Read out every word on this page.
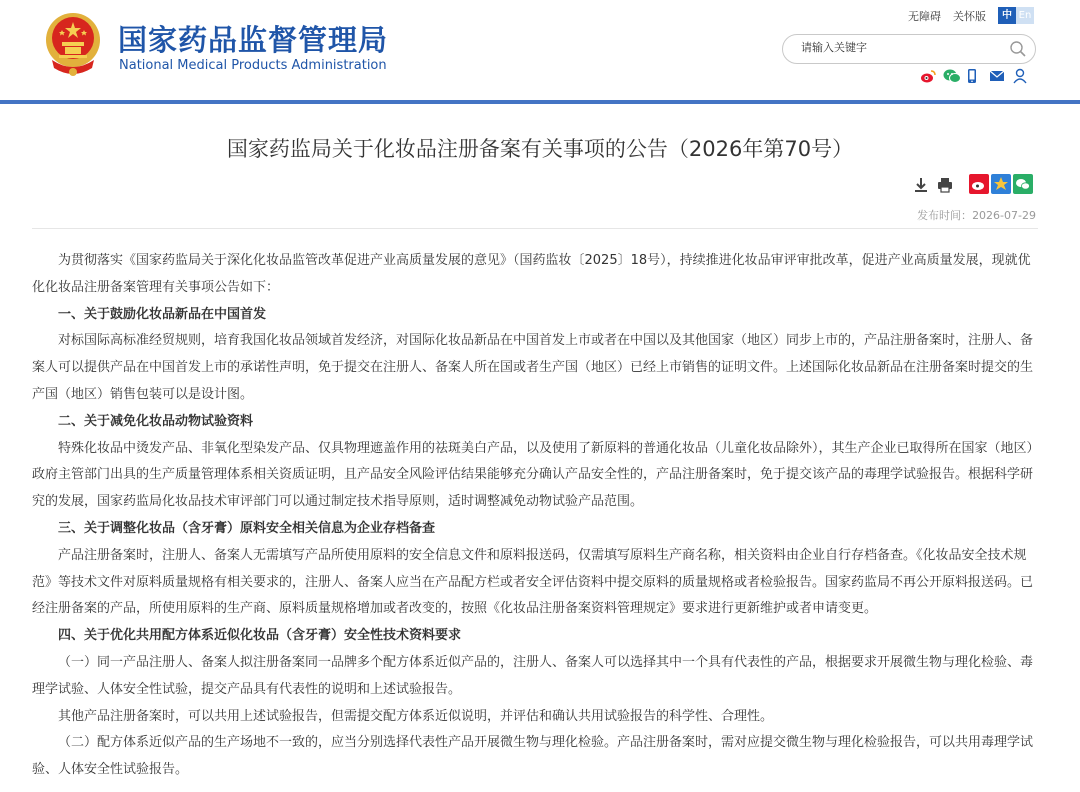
国家药品监督管理局
National Medical Products Administration
无障碍 关怀版	中 En
请输入关键字
国家药监局关于化妆品注册备案有关事项的公告（2026年第70号）
发布时间：2026-07-29

为贯彻落实《国家药监局关于深化化妆品监管改革促进产业高质量发展的意见》（国药监妆〔2025〕18号），持续推进化妆品审评审批改革，促进产业高质量发展，现就优化化妆品注册备案管理有关事项公告如下：

一、关于鼓励化妆品新品在中国首发

对标国际高标准经贸规则，培育我国化妆品领域首发经济，对国际化妆品新品在中国首发上市或者在中国以及其他国家（地区）同步上市的，产品注册备案时，注册人、备案人可以提供产品在中国首发上市的承诺性声明，免于提交在注册人、备案人所在国或者生产国（地区）已经上市销售的证明文件。上述国际化妆品新品在注册备案时提交的生产国（地区）销售包装可以是设计图。

二、关于减免化妆品动物试验资料

特殊化妆品中烫发产品、非氧化型染发产品、仅具物理遮盖作用的祛斑美白产品，以及使用了新原料的普通化妆品（儿童化妆品除外），其生产企业已取得所在国家（地区）政府主管部门出具的生产质量管理体系相关资质证明，且产品安全风险评估结果能够充分确认产品安全性的，产品注册备案时，免于提交该产品的毒理学试验报告。根据科学研究的发展，国家药监局化妆品技术审评部门可以通过制定技术指导原则，适时调整减免动物试验产品范围。

三、关于调整化妆品（含牙膏）原料安全相关信息为企业存档备查

产品注册备案时，注册人、备案人无需填写产品所使用原料的安全信息文件和原料报送码，仅需填写原料生产商名称，相关资料由企业自行存档备查。《化妆品安全技术规范》等技术文件对原料质量规格有相关要求的，注册人、备案人应当在产品配方栏或者安全评估资料中提交原料的质量规格或者检验报告。国家药监局不再公开原料报送码。已经注册备案的产品，所使用原料的生产商、原料质量规格增加或者改变的，按照《化妆品注册备案资料管理规定》要求进行更新维护或者申请变更。

四、关于优化共用配方体系近似化妆品（含牙膏）安全性技术资料要求

（一）同一产品注册人、备案人拟注册备案同一品牌多个配方体系近似产品的，注册人、备案人可以选择其中一个具有代表性的产品，根据要求开展微生物与理化检验、毒理学试验、人体安全性试验，提交产品具有代表性的说明和上述试验报告。

其他产品注册备案时，可以共用上述试验报告，但需提交配方体系近似说明，并评估和确认共用试验报告的科学性、合理性。

（二）配方体系近似产品的生产场地不一致的，应当分别选择代表性产品开展微生物与理化检验。产品注册备案时，需对应提交微生物与理化检验报告，可以共用毒理学试验、人体安全性试验报告。
